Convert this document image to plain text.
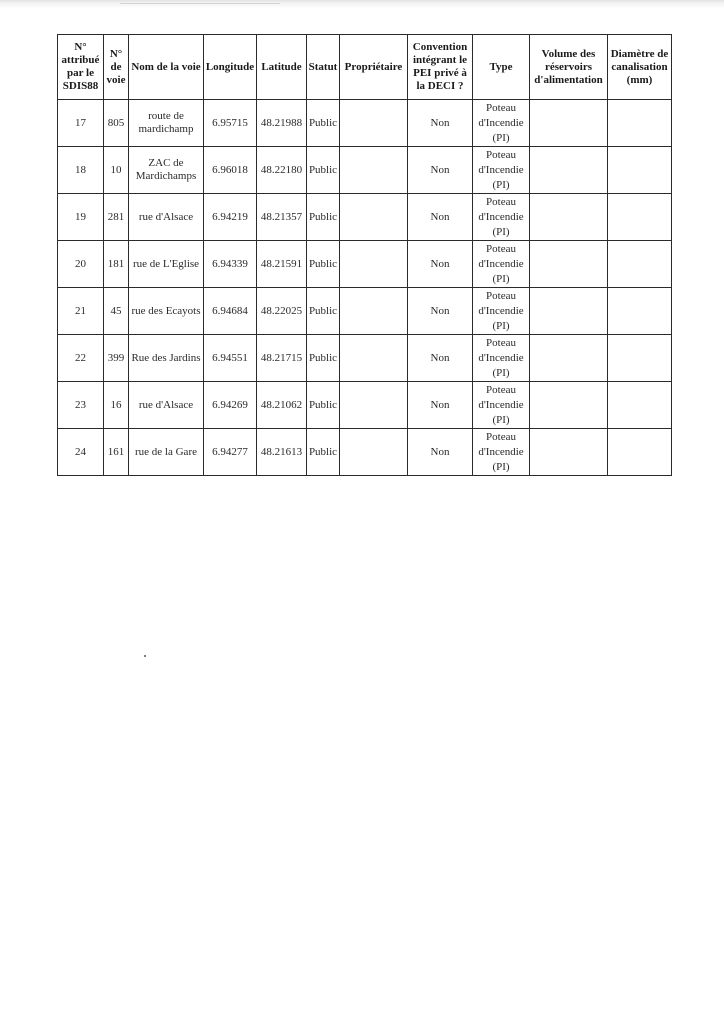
N° attribué par le SDIS88	N° de voie	Nom de la voie	Longitude	Latitude	Statut	Propriétaire	Convention intégrant le PEI privé à la DECI ?	Type	Volume des réservoirs d'alimentation	Diamètre de canalisation (mm)
17	805	route de mardichamp	6.95715	48.21988	Public		Non	Poteau d'Incendie (PI)		
18	10	ZAC de Mardichamps	6.96018	48.22180	Public		Non	Poteau d'Incendie (PI)		
19	281	rue d'Alsace	6.94219	48.21357	Public		Non	Poteau d'Incendie (PI)		
20	181	rue de L'Eglise	6.94339	48.21591	Public		Non	Poteau d'Incendie (PI)		
21	45	rue des Ecayots	6.94684	48.22025	Public		Non	Poteau d'Incendie (PI)		
22	399	Rue des Jardins	6.94551	48.21715	Public		Non	Poteau d'Incendie (PI)		
23	16	rue d'Alsace	6.94269	48.21062	Public		Non	Poteau d'Incendie (PI)		
24	161	rue de la Gare	6.94277	48.21613	Public		Non	Poteau d'Incendie (PI)		
